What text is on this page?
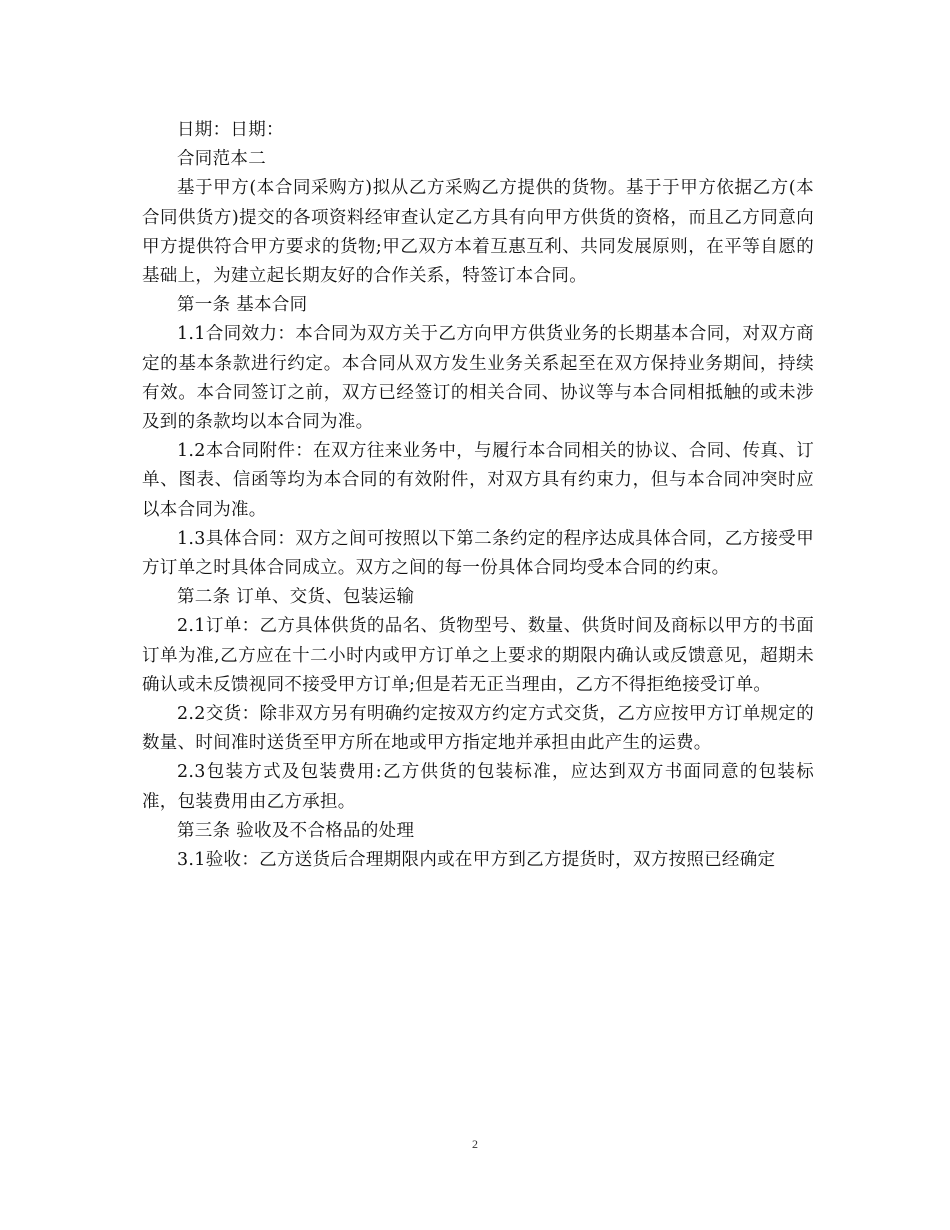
日期：日期：

合同范本二

基于甲方(本合同采购方)拟从乙方采购乙方提供的货物。基于于甲方依据乙方(本合同供货方)提交的各项资料经审查认定乙方具有向甲方供货的资格，而且乙方同意向甲方提供符合甲方要求的货物;甲乙双方本着互惠互利、共同发展原则，在平等自愿的基础上，为建立起长期友好的合作关系，特签订本合同。

第一条 基本合同

1.1合同效力：本合同为双方关于乙方向甲方供货业务的长期基本合同，对双方商定的基本条款进行约定。本合同从双方发生业务关系起至在双方保持业务期间，持续有效。本合同签订之前，双方已经签订的相关合同、协议等与本合同相抵触的或未涉及到的条款均以本合同为准。

1.2本合同附件：在双方往来业务中，与履行本合同相关的协议、合同、传真、订单、图表、信函等均为本合同的有效附件，对双方具有约束力，但与本合同冲突时应以本合同为准。

1.3具体合同：双方之间可按照以下第二条约定的程序达成具体合同，乙方接受甲方订单之时具体合同成立。双方之间的每一份具体合同均受本合同的约束。

第二条 订单、交货、包装运输

2.1订单：乙方具体供货的品名、货物型号、数量、供货时间及商标以甲方的书面订单为准,乙方应在十二小时内或甲方订单之上要求的期限内确认或反馈意见，超期未确认或未反馈视同不接受甲方订单;但是若无正当理由，乙方不得拒绝接受订单。

2.2交货：除非双方另有明确约定按双方约定方式交货，乙方应按甲方订单规定的数量、时间准时送货至甲方所在地或甲方指定地并承担由此产生的运费。

2.3包装方式及包装费用:乙方供货的包装标准，应达到双方书面同意的包装标准，包装费用由乙方承担。

第三条 验收及不合格品的处理

3.1验收：乙方送货后合理期限内或在甲方到乙方提货时，双方按照已经确定

2
